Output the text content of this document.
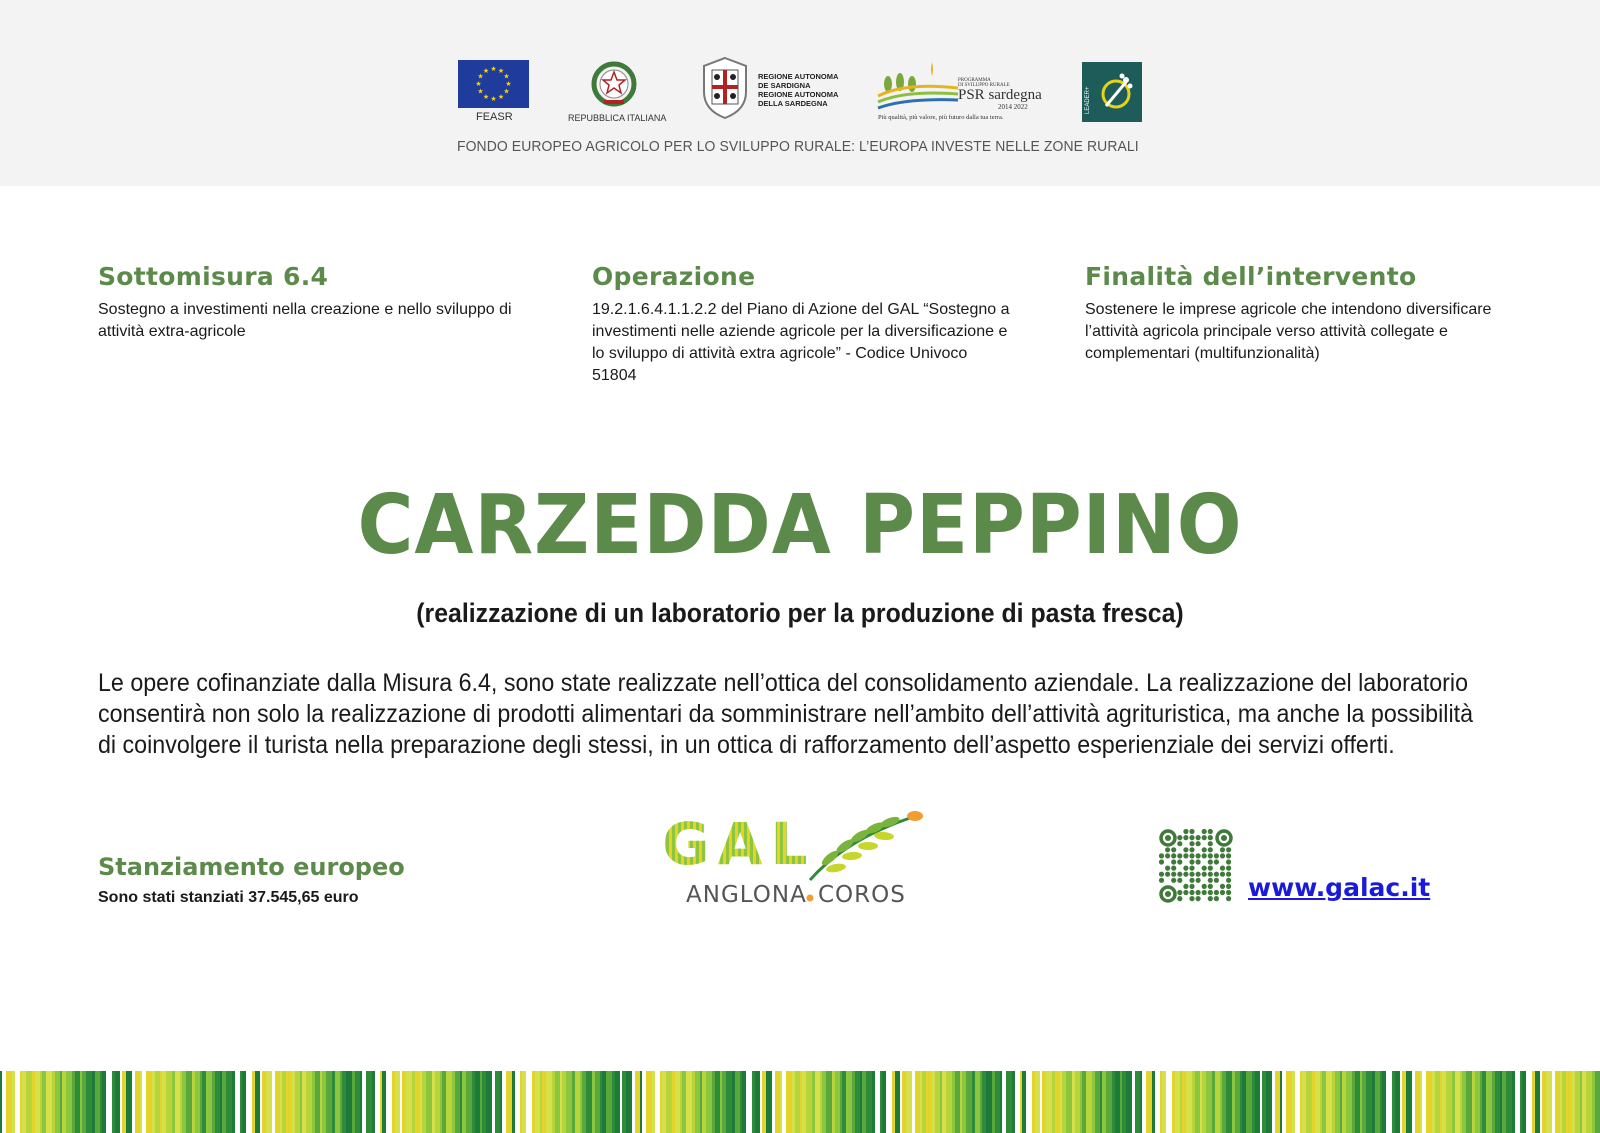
★ ★
★
★
★
★
★
★
★
★
★
★
FEASR	REPUBBLICA ITALIANA
REGIONE AUTONOMA
DE SARDIGNA
REGIONE AUTONOMA
DELLA SARDEGNA
PROGRAMMA
DI SVILUPPO RURALE
PSR sardegna
2014 2022
Più qualità, più valore, più futuro dalla tua terra.
LEADER+
FONDO EUROPEO AGRICOLO PER LO SVILUPPO RURALE: L’EUROPA INVESTE NELLE ZONE RURALI
Sottomisura 6.4

Sostegno a investimenti nella creazione e nello sviluppo di
attività extra-agricole

Operazione

19.2.1.6.4.1.1.2.2 del Piano di Azione del GAL “Sostegno a
investimenti nelle aziende agricole per la diversificazione e
lo sviluppo di attività extra agricole” - Codice Univoco 51804

Finalità dell’intervento

Sostenere le imprese agricole che intendono diversificare
l’attività agricola principale verso attività collegate e
complementari (multifunzionalità)

CARZEDDA PEPPINO
(realizzazione di un laboratorio per la produzione di pasta fresca)
Le opere cofinanziate dalla Misura 6.4, sono state realizzate nell’ottica del consolidamento aziendale. La realizzazione del laboratorio
consentirà non solo la realizzazione di prodotti alimentari da somministrare nell’ambito dell’attività agrituristica, ma anche la possibilità
di coinvolgere il turista nella preparazione degli stessi, in un ottica di rafforzamento dell’aspetto esperienziale dei servizi offerti.
Stanziamento europeo

Sono stati stanziati 37.545,65 euro

GAL
ANGLONA COROS	www.galac.it
